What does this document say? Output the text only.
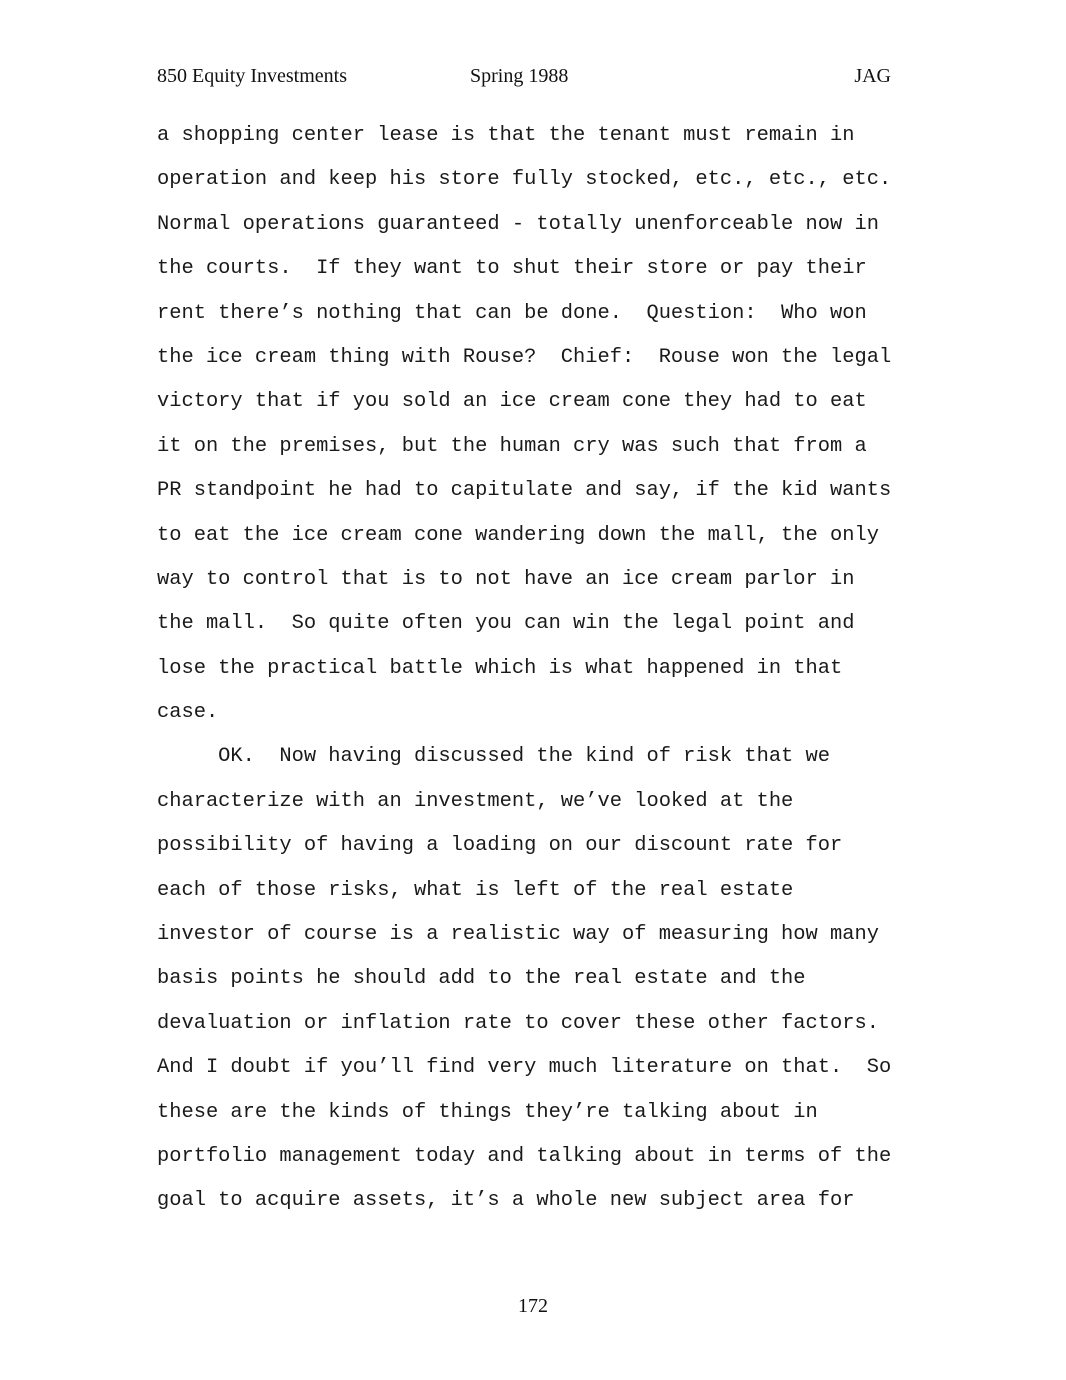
850 Equity Investments	Spring 1988	JAG
a shopping center lease is that the tenant must remain in
operation and keep his store fully stocked, etc., etc., etc.
Normal operations guaranteed - totally unenforceable now in
the courts.  If they want to shut their store or pay their
rent there’s nothing that can be done.  Question:  Who won
the ice cream thing with Rouse?  Chief:  Rouse won the legal
victory that if you sold an ice cream cone they had to eat
it on the premises, but the human cry was such that from a
PR standpoint he had to capitulate and say, if the kid wants
to eat the ice cream cone wandering down the mall, the only
way to control that is to not have an ice cream parlor in
the mall.  So quite often you can win the legal point and
lose the practical battle which is what happened in that
case.
OK.  Now having discussed the kind of risk that we
characterize with an investment, we’ve looked at the
possibility of having a loading on our discount rate for
each of those risks, what is left of the real estate
investor of course is a realistic way of measuring how many
basis points he should add to the real estate and the
devaluation or inflation rate to cover these other factors.
And I doubt if you’ll find very much literature on that.  So
these are the kinds of things they’re talking about in
portfolio management today and talking about in terms of the
goal to acquire assets, it’s a whole new subject area for
172
